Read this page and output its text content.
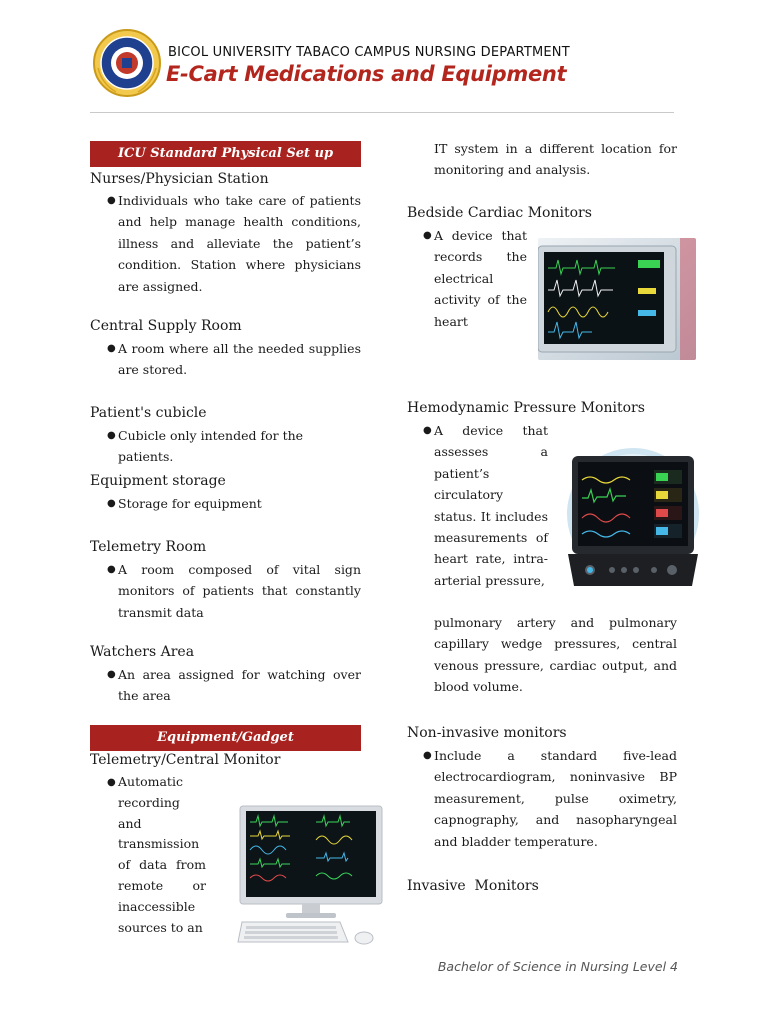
BICOL UNIVERSITY TABACO CAMPUS NURSING DEPARTMENT
E-Cart Medications and Equipment
ICU Standard Physical Set up
Nurses/Physician Station
● Individuals who take care of patients and help manage health conditions, illness and alleviate the patient’s condition. Station where physicians are assigned.
Central Supply Room
● A room where all the needed supplies are stored.
Patient's cubicle
● Cubicle only intended for the patients.
Equipment storage
● Storage for equipment
Telemetry Room
● A room composed of vital sign monitors of patients that constantly transmit data
Watchers Area
● An area assigned for watching over the area
Equipment/Gadget
Telemetry/Central Monitor
● Automatic recording and transmission of data from remote or inaccessible sources to an
IT system in a different location for monitoring and analysis.
Bedside Cardiac Monitors
● A device that records the electrical activity of the heart
Hemodynamic Pressure Monitors
● A device that assesses a patient’s circulatory status. It includes measurements of heart rate, intra-arterial pressure,
pulmonary artery and pulmonary capillary wedge pressures, central venous pressure, cardiac output, and blood volume.
Non-invasive monitors
● Include a standard five-lead electrocardiogram, noninvasive BP measurement, pulse oximetry, capnography, and nasopharyngeal and bladder temperature.
Invasive  Monitors
Bachelor of Science in Nursing Level 4
